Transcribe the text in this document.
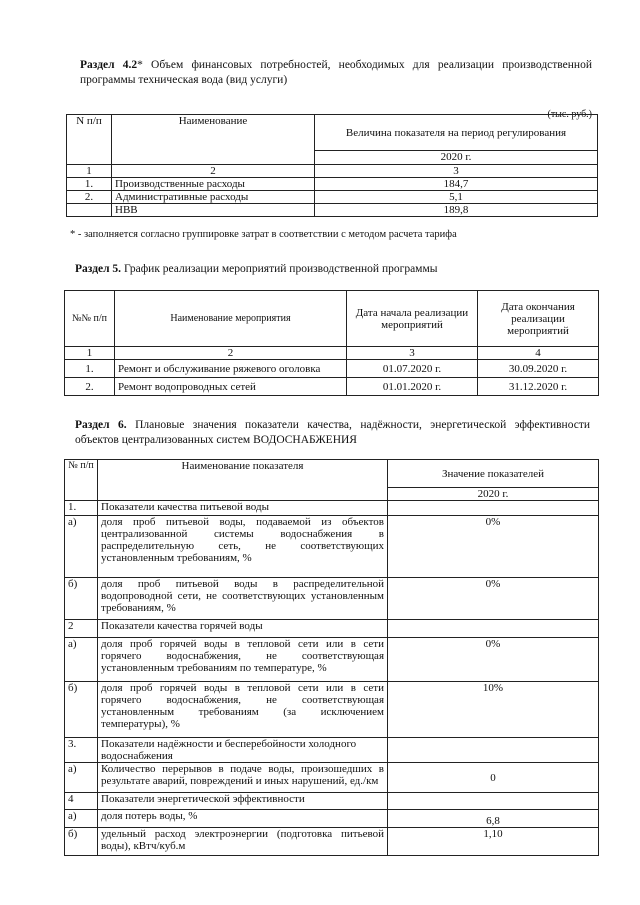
Раздел 4.2* Объем финансовых потребностей, необходимых для реализации производственной программы техническая вода (вид услуги)
(тыс. руб.)
N п/п	Наименование	Величина показателя на период регулирования
		2020 г.
1	2	3
1.	Производственные расходы	184,7
2.	Административные расходы	5,1
	НВВ	189,8
* - заполняется согласно группировке затрат в соответствии с методом расчета тарифа
Раздел 5. График реализации мероприятий производственной программы
№№ п/п	Наименование мероприятия	Дата начала реализации мероприятий	Дата окончания реализации мероприятий
1	2	3	4
1.	Ремонт и обслуживание ряжевого оголовка	01.07.2020 г.	30.09.2020 г.
2.	Ремонт водопроводных сетей	01.01.2020 г.	31.12.2020 г.
Раздел 6. Плановые значения показатели качества, надёжности, энергетической эффективности объектов централизованных систем ВОДОСНАБЖЕНИЯ
№ п/п	Наименование показателя	Значение показателей
		2020 г.
1.	Показатели качества питьевой воды	
а)	доля проб питьевой воды, подаваемой из объектов централизованной системы водоснабжения в распределительную сеть, не соответствующих установленным требованиям, %	0%
б)	доля проб питьевой воды в распределительной водопроводной сети, не соответствующих установленным требованиям, %	0%
2	Показатели качества горячей воды	
а)	доля проб горячей воды в тепловой сети или в сети горячего водоснабжения, не соответствующая установленным требованиям по температуре, %	0%
б)	доля проб горячей воды в тепловой сети или в сети горячего водоснабжения, не соответствующая установленным требованиям (за исключением температуры), %	10%
3.	Показатели надёжности и бесперебойности холодного водоснабжения	
а)	Количество перерывов в подаче воды, произошедших в результате аварий, повреждений и иных нарушений, ед./км	0
4	Показатели энергетической эффективности	
а)	доля потерь воды, %	6,8
б)	удельный расход электроэнергии (подготовка питьевой воды), кВтч/куб.м	1,10
